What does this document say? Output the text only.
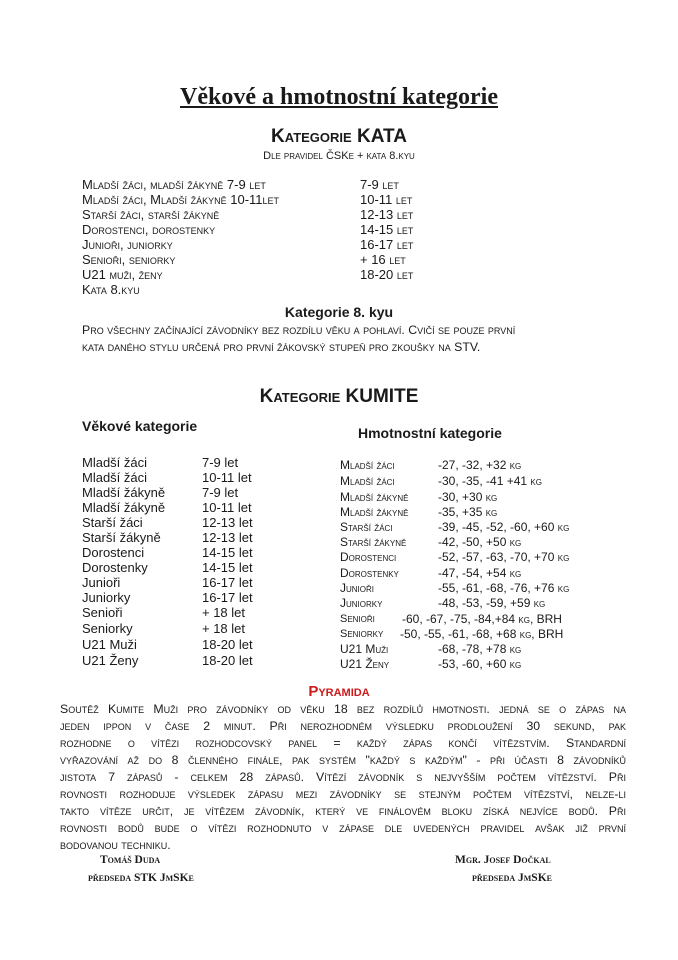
Věkové a hmotnostní kategorie
Kategorie KATA
Dle pravidel ČSKe + kata 8.kyu
Mladší žáci, mladší žákyně 7-9 let	7-9 let
Mladší žáci, Mladší žákyně 10-11let	10-11 let
Starší žáci, starší žákyně	12-13 let
Dorostenci, dorostenky	14-15 let
Junioři, juniorky	16-17 let
Senioři, seniorky	+ 16 let
U21 muži, ženy	18-20 let
Kata 8.kyu
Kategorie 8. kyu
Pro všechny začínající závodníky bez rozdílu věku a pohlaví. Cvičí se pouze první
kata daného stylu určená pro první žákovský stupeň pro zkoušky na STV.
Kategorie KUMITE
Věkové kategorie	Hmotnostní kategorie
Mladší žáci	7-9 let
Mladší žáci	10-11 let
Mladší žákyně	7-9 let
Mladší žákyně	10-11 let
Starší žáci	12-13 let
Starší žákyně	12-13 let
Dorostenci	14-15 let
Dorostenky	14-15 let
Junioři	16-17 let
Juniorky	16-17 let
Senioři	+ 18 let
Seniorky	+ 18 let
U21 Muži	18-20 let
U21 Ženy	18-20 let
Mladší žáci	-27, -32, +32 kg
Mladší žáci	-30, -35, -41 +41 kg
Mladší žákyně -30, +30 kg
Mladší žákyně -35, +35 kg
Starší žáci	-39, -45, -52, -60, +60 kg
Starší žákyně	-42, -50, +50 kg
Dorostenci	-52, -57, -63, -70, +70 kg
Dorostenky	-47, -54, +54 kg
Junioři	-55, -61, -68, -76, +76 kg
Juniorky	-48, -53, -59, +59 kg
Senioři -60, -67, -75, -84,+84 kg, BRH
Seniorky -50, -55, -61, -68, +68 kg, BRH
U21 Muži	-68, -78, +78 kg
U21 Ženy	-53, -60, +60 kg
Pyramida
Soutěž Kumite Muži pro závodníky od věku 18 bez rozdílů hmotnosti. jedná se o zápas na
jeden ippon v čase 2 minut. Při nerozhodném výsledku prodloužení 30 sekund, pak
rozhodne o vítězi rozhodcovský panel = každý zápas končí vítězstvím. Standardní
vyřazování až do 8 členného finále, pak systém "každý s každým" - při účasti 8 závodníků
jistota 7 zápasů - celkem 28 zápasů. Vítězí závodník s nejvyšším počtem vítězství. Při
rovnosti rozhoduje výsledek zápasu mezi závodníky se stejným počtem vítězství, nelze-li
takto vítěze určit, je vítězem závodník, který ve finálovém bloku získá nejvíce bodů. Při
rovnosti bodů bude o vítězi rozhodnuto v zápase dle uvedených pravidel avšak již první
bodovanou techniku.
Tomáš Duda
předseda STK JmSKe
Mgr. Josef Dočkal
předseda JmSKe
